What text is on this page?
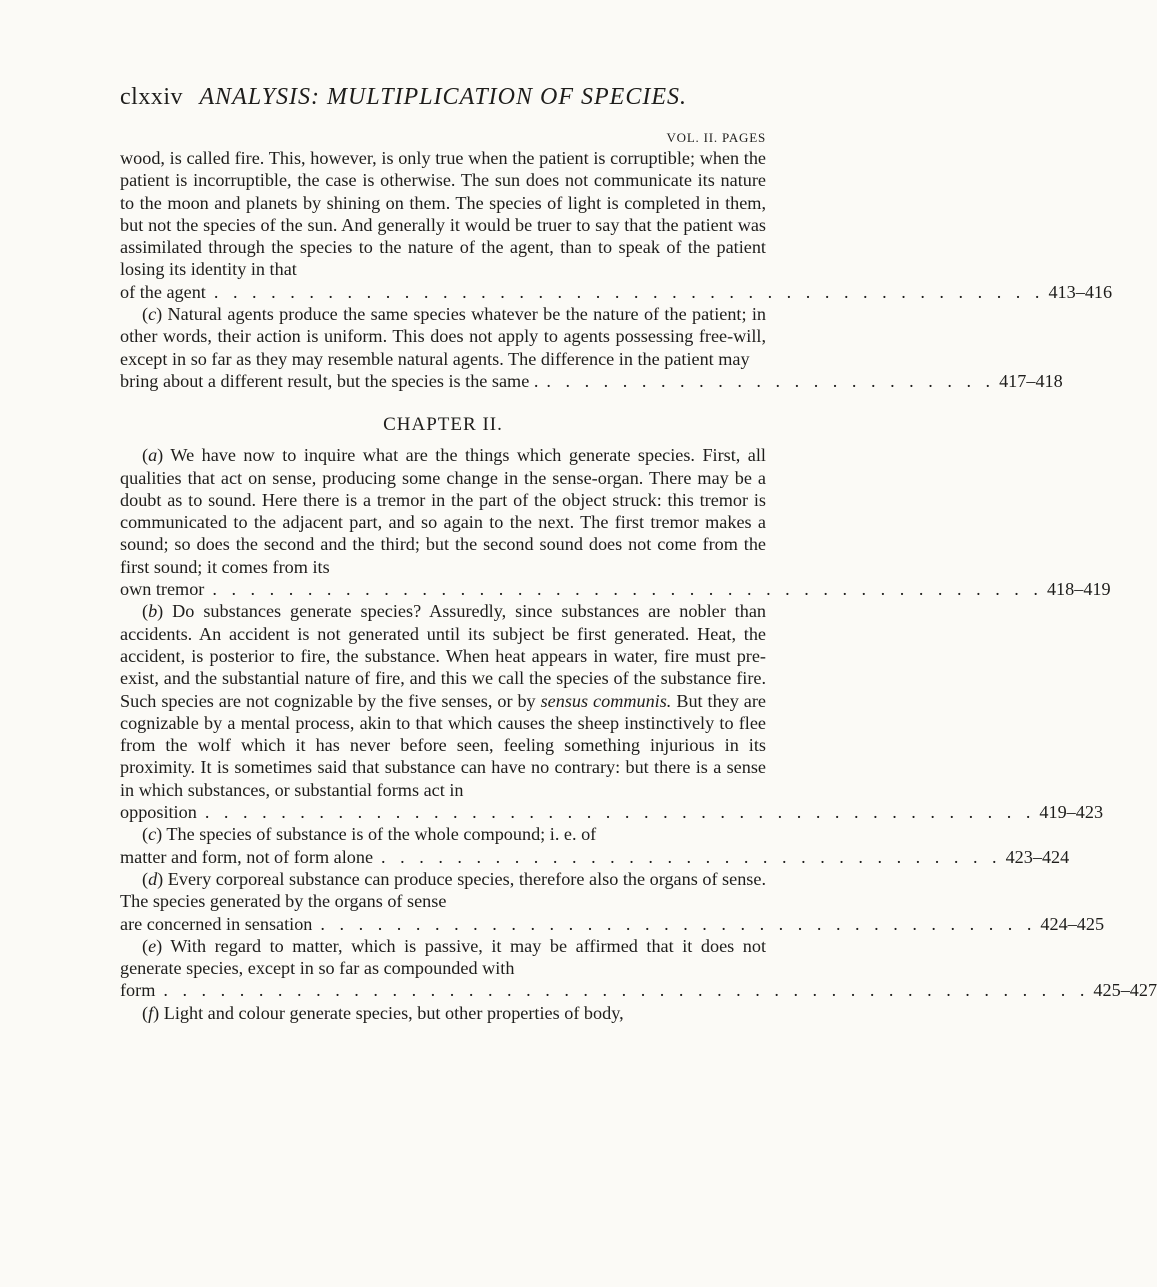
clxxiv ANALYSIS: MULTIPLICATION OF SPECIES.
VOL. II. PAGES

wood, is called fire. This, however, is only true when the patient is corruptible; when the patient is incorruptible, the case is otherwise. The sun does not communicate its nature to the moon and planets by shining on them. The species of light is completed in them, but not the species of the sun. And generally it would be truer to say that the patient was assimilated through the species to the nature of the agent, than to speak of the patient losing its identity in that

of the agent . . . . . . . . . . . . . . . . . . . . . . . . . . . . . . . . . . . . . . . . . . . . 413–416

(c) Natural agents produce the same species whatever be the nature of the patient; in other words, their action is uniform. This does not apply to agents possessing free-will, except in so far as they may resemble natural agents. The difference in the patient may

bring about a different result, but the species is the same . . . . . . . . . . . . . . . . . . . . . . . . . 417–418
CHAPTER II.

(a) We have now to inquire what are the things which generate species. First, all qualities that act on sense, producing some change in the sense-organ. There may be a doubt as to sound. Here there is a tremor in the part of the object struck: this tremor is communicated to the adjacent part, and so again to the next. The first tremor makes a sound; so does the second and the third; but the second sound does not come from the first sound; it comes from its

own tremor . . . . . . . . . . . . . . . . . . . . . . . . . . . . . . . . . . . . . . . . . . . . 418–419

(b) Do substances generate species? Assuredly, since substances are nobler than accidents. An accident is not generated until its subject be first generated. Heat, the accident, is posterior to fire, the substance. When heat appears in water, fire must pre-exist, and the substantial nature of fire, and this we call the species of the substance fire. Such species are not cognizable by the five senses, or by sensus communis. But they are cognizable by a mental process, akin to that which causes the sheep instinctively to flee from the wolf which it has never before seen, feeling something injurious in its proximity. It is sometimes said that substance can have no contrary: but there is a sense in which substances, or substantial forms act in

opposition . . . . . . . . . . . . . . . . . . . . . . . . . . . . . . . . . . . . . . . . . . . . 419–423

(c) The species of substance is of the whole compound; i. e. of

matter and form, not of form alone . . . . . . . . . . . . . . . . . . . . . . . . . . . . . . . . . 423–424

(d) Every corporeal substance can produce species, therefore also the organs of sense. The species generated by the organs of sense

are concerned in sensation . . . . . . . . . . . . . . . . . . . . . . . . . . . . . . . . . . . . . . 424–425

(e) With regard to matter, which is passive, it may be affirmed that it does not generate species, except in so far as compounded with

form . . . . . . . . . . . . . . . . . . . . . . . . . . . . . . . . . . . . . . . . . . . . . . . . . 425–427

(f) Light and colour generate species, but other properties of body,
